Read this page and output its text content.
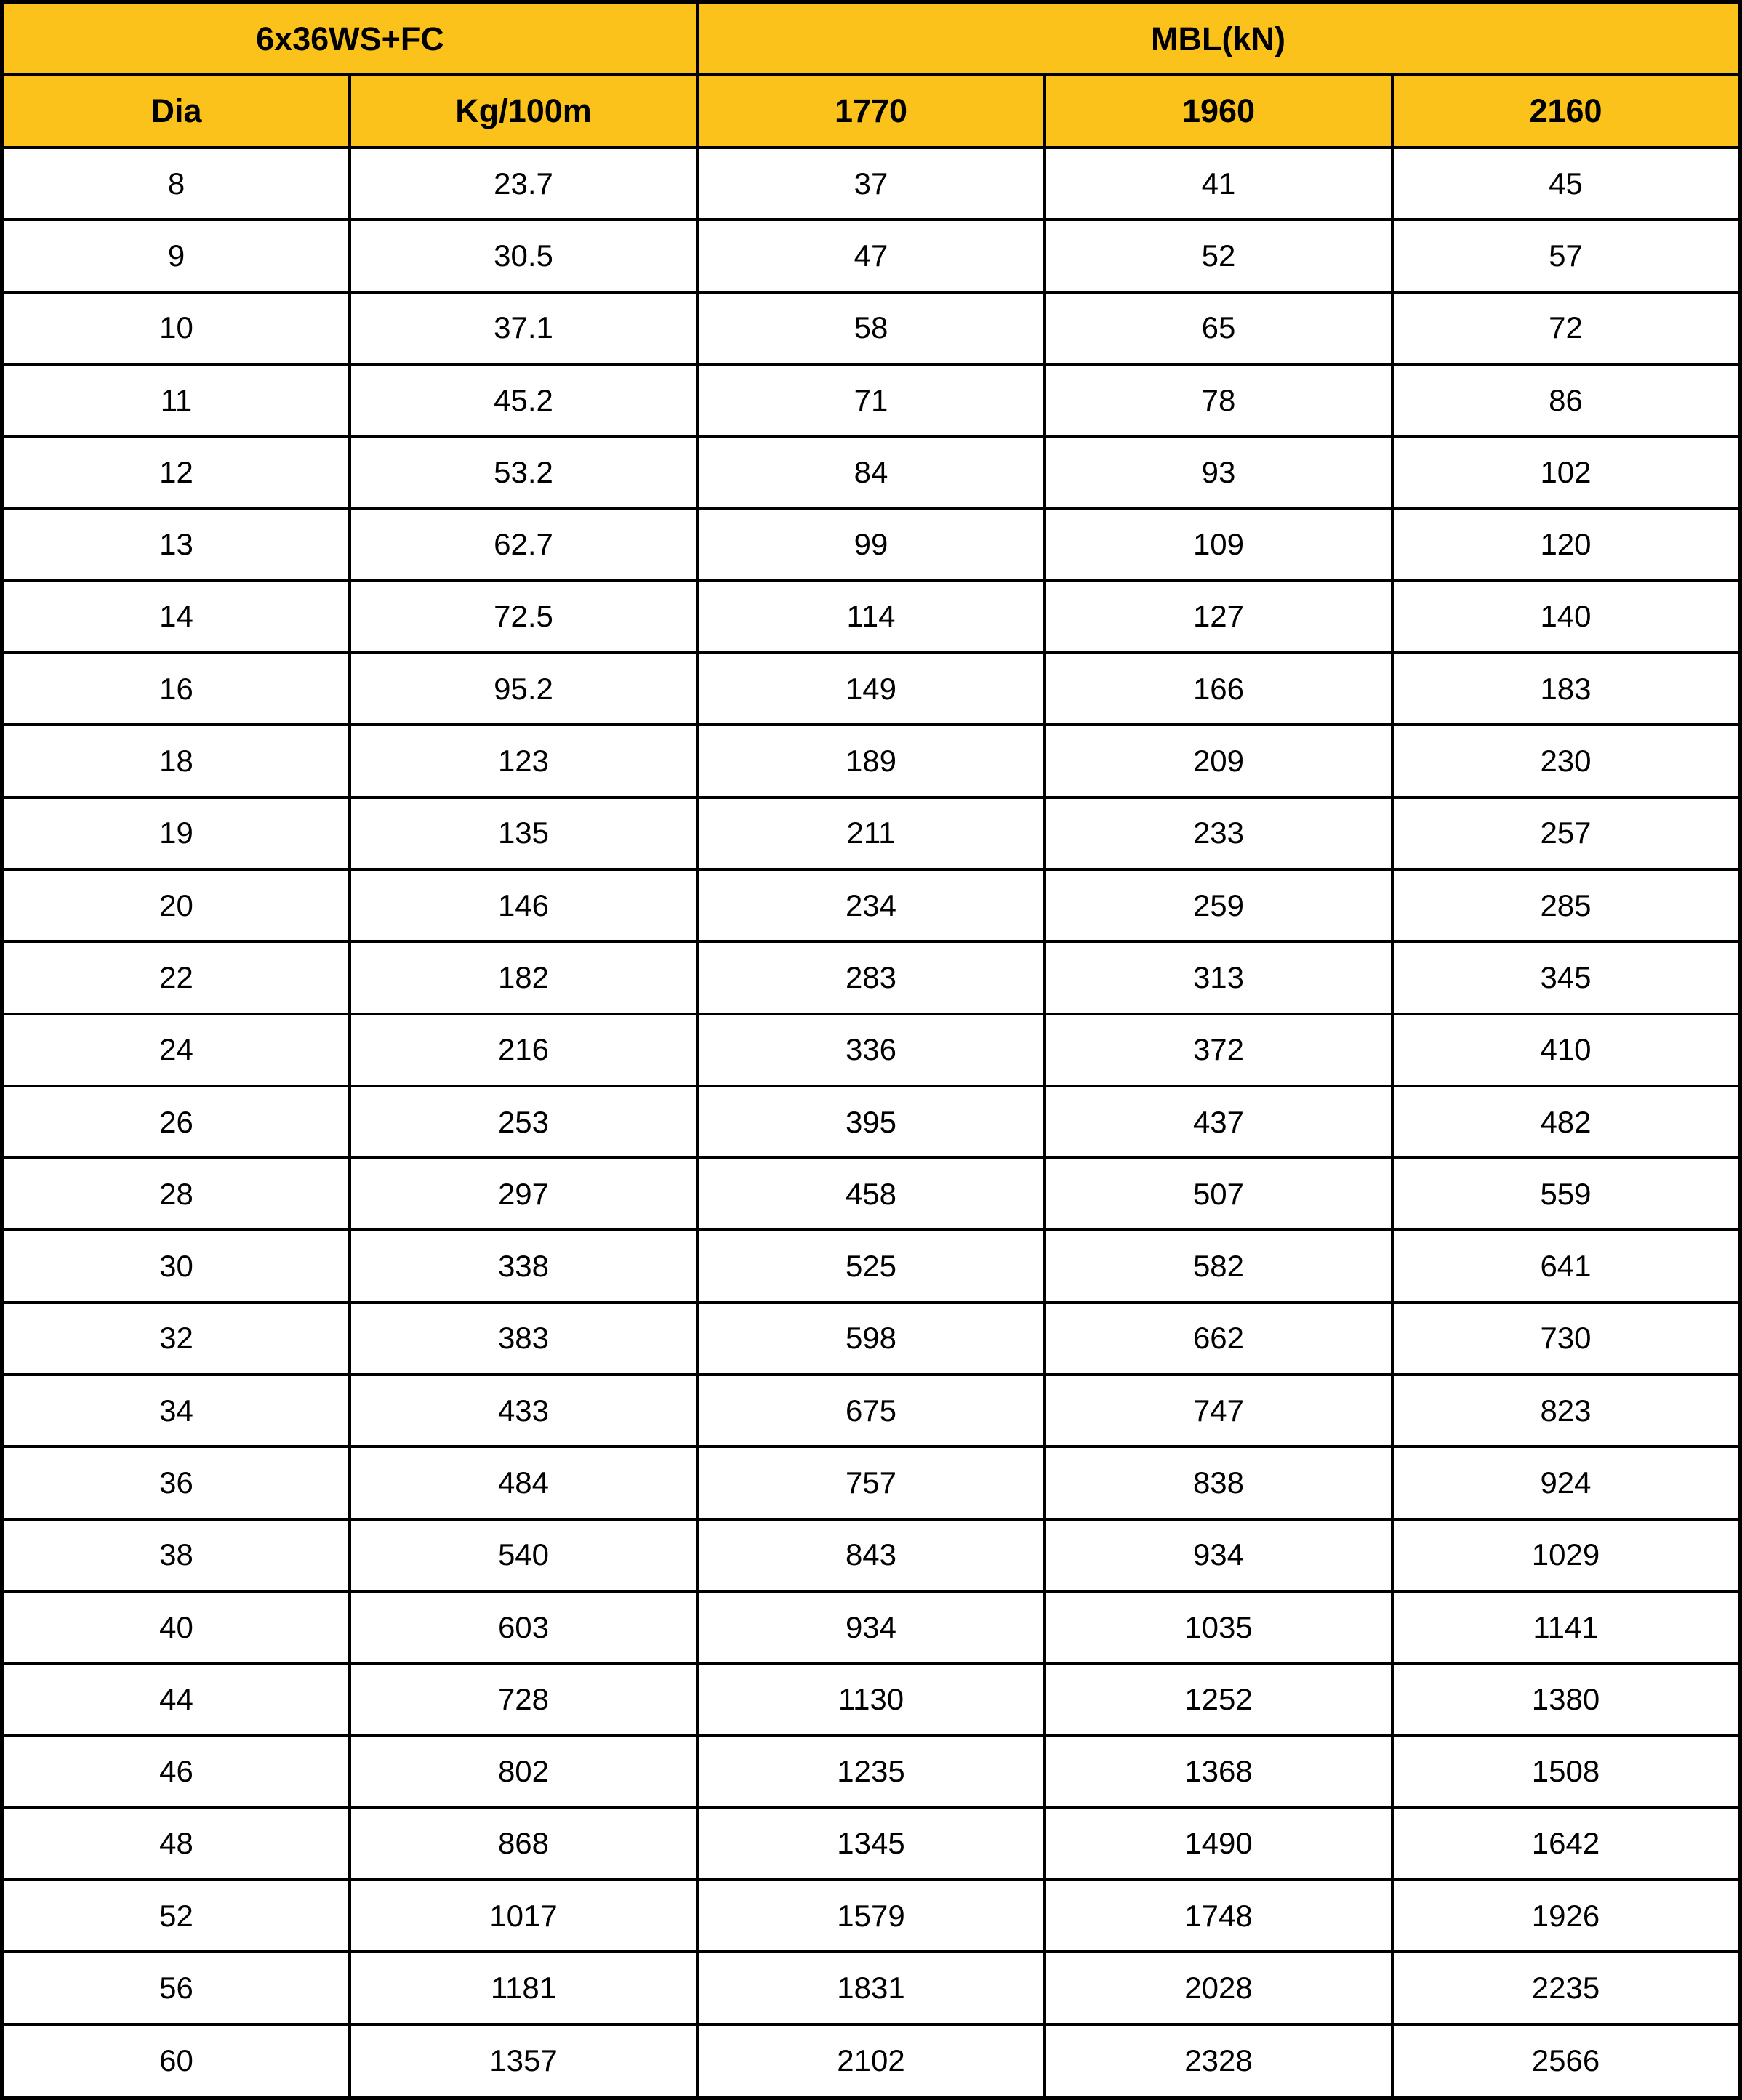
6x36WS+FC		MBL(kN)		
Dia	Kg/100m	1770	1960	2160
8	23.7	37	41	45
9	30.5	47	52	57
10	37.1	58	65	72
11	45.2	71	78	86
12	53.2	84	93	102
13	62.7	99	109	120
14	72.5	114	127	140
16	95.2	149	166	183
18	123	189	209	230
19	135	211	233	257
20	146	234	259	285
22	182	283	313	345
24	216	336	372	410
26	253	395	437	482
28	297	458	507	559
30	338	525	582	641
32	383	598	662	730
34	433	675	747	823
36	484	757	838	924
38	540	843	934	1029
40	603	934	1035	1141
44	728	1130	1252	1380
46	802	1235	1368	1508
48	868	1345	1490	1642
52	1017	1579	1748	1926
56	1181	1831	2028	2235
60	1357	2102	2328	2566
